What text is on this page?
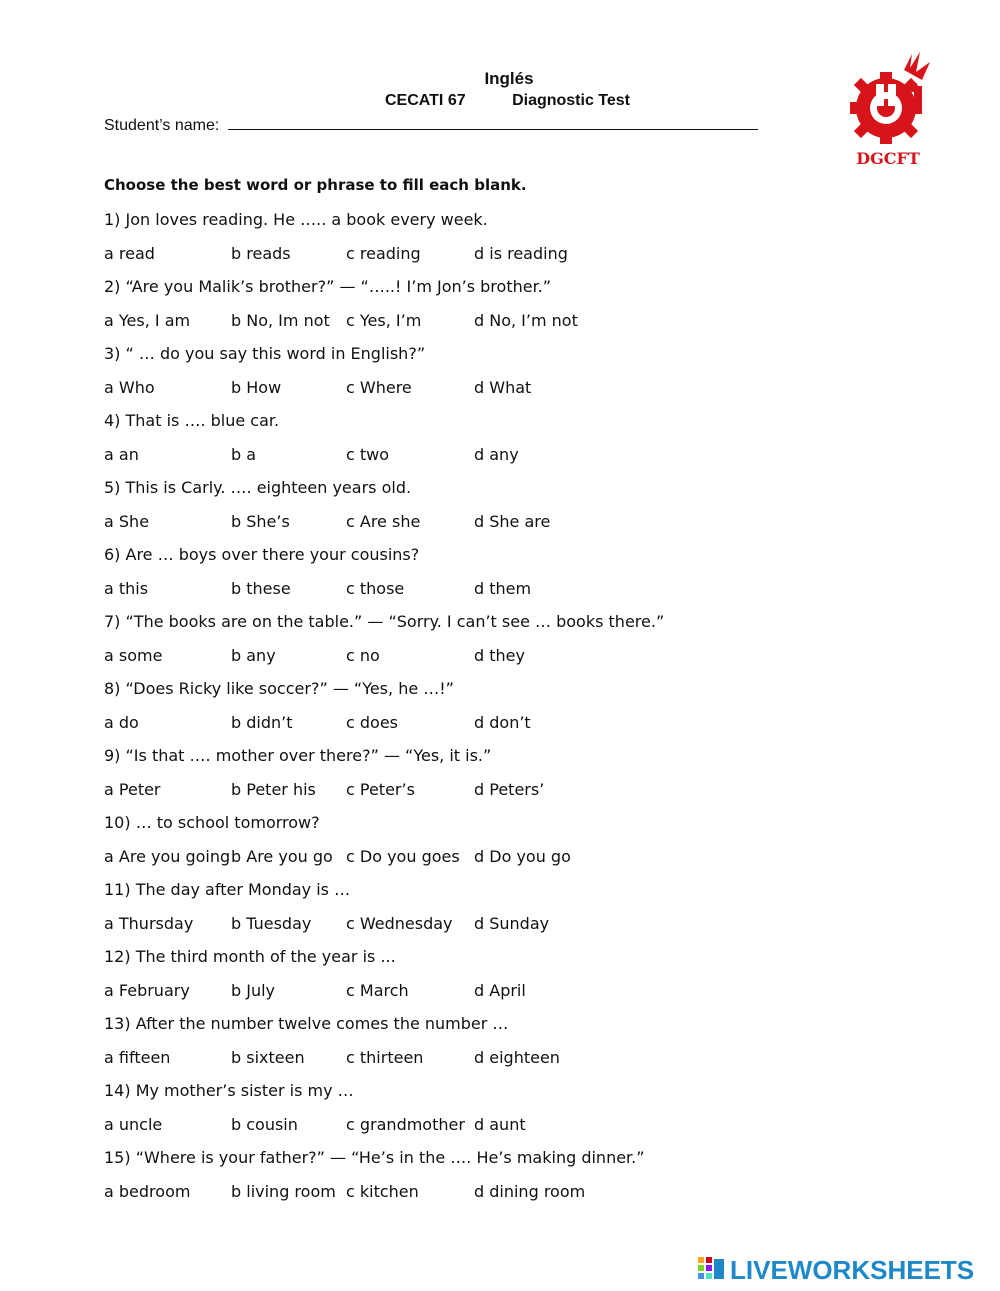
Inglés
CECATI 67	Diagnostic Test
Student’s name:
DGCFT
Choose the best word or phrase to fill each blank.
1) Jon loves reading. He ….. a book every week.
a read	b reads	c reading	d is reading
2) “Are you Malik’s brother?” — “…..! I’m Jon’s brother.”
a Yes, I am	b No, Im not c Yes, I’m	d No, I’m not
3) “ … do you say this word in English?”
a Who	b How	c Where	d What
4) That is …. blue car.
a an	b a	c two	d any
5) This is Carly. …. eighteen years old.
a She	b She’s	c Are she	d She are
6) Are … boys over there your cousins?
a this	b these	c those	d them
7) “The books are on the table.” — “Sorry. I can’t see … books there.”
a some	b any	c no	d they
8) “Does Ricky like soccer?” — “Yes, he …!”
a do	b didn’t	c does	d don’t
9) “Is that …. mother over there?” — “Yes, it is.”
a Peter	b Peter his c Peter’s	d Peters’
10) … to school tomorrow?
a Are you going b Are you go c Do you goes d Do you go
11) The day after Monday is …
a Thursday b Tuesday c Wednesday d Sunday
12) The third month of the year is ...
a February	b July	c March	d April
13) After the number twelve comes the number …
a fifteen	b sixteen	c thirteen	d eighteen
14) My mother’s sister is my …
a uncle	b cousin	c grandmother d aunt
15) “Where is your father?” — “He’s in the …. He’s making dinner.”
a bedroom	b living room c kitchen	d dining room
LIVEWORKSHEETS
